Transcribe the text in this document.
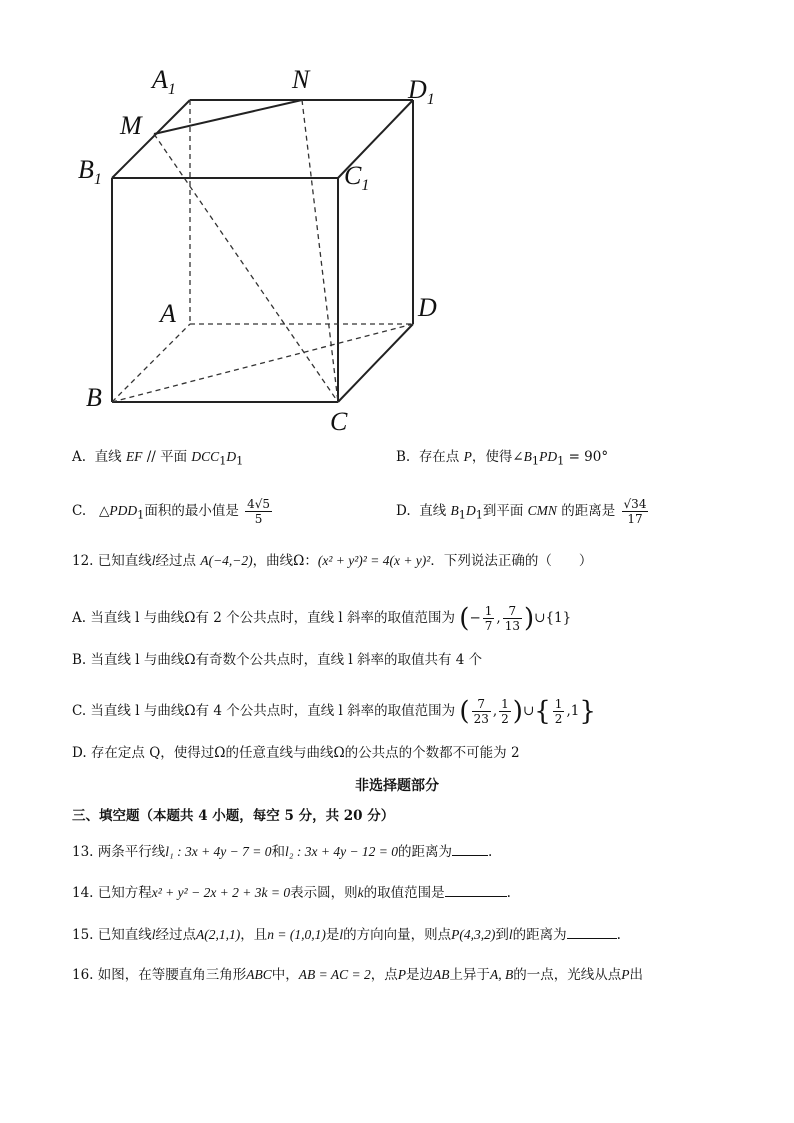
$A_1$	N	$D_1$
M
$B_1$	$C_1$
A	D
B
C
A. 直线 EF // 平面 $DCC_1D_1$	B. 存在点 P，使得$\angle B_1PD_1 = 90^\circ$
C. $\triangle PDD_1$面积的最小值是 $\frac{4√5}{5}$	D. 直线 $B_1D_1$到平面 CMN 的距离是 $\frac{√34}{17}$
12. 已知直线l经过点 A(−4,−2)，曲线Ω：(x² + y²)² = 4(x + y)²．下列说法正确的（　　）
A. 当直线 l 与曲线Ω有 2 个公共点时，直线 l 斜率的取值范围为 (− $\frac{1}{7}$ , $\frac{7}{13}$ )∪{1}
B. 当直线 l 与曲线Ω有奇数个公共点时，直线 l 斜率的取值共有 4 个
C. 当直线 l 与曲线Ω有 4 个公共点时，直线 l 斜率的取值范围为 ( $\frac{7}{23}$ , $\frac{1}{2}$ )∪{ $\frac{1}{2} ,1$}
D. 存在定点 Q，使得过Ω的任意直线与曲线Ω的公共点的个数都不可能为 2
非选择题部分
三、填空题（本题共 4 小题，每空 5 分，共 20 分）
13. 两条平行线l₁ : 3x + 4y − 7 = 0和l₂ : 3x + 4y − 12 = 0的距离为	.
14. 已知方程x² + y² − 2x + 2 + 3k = 0表示圆，则k的取值范围是	.
15. 已知直线l经过点A(2,1,1)，且n = (1,0,1)是l的方向向量，则点P(4,3,2)到l的距离为	.
16. 如图，在等腰直角三角形ABC中，AB = AC = 2，点P是边AB上异于A, B的一点，光线从点P出
